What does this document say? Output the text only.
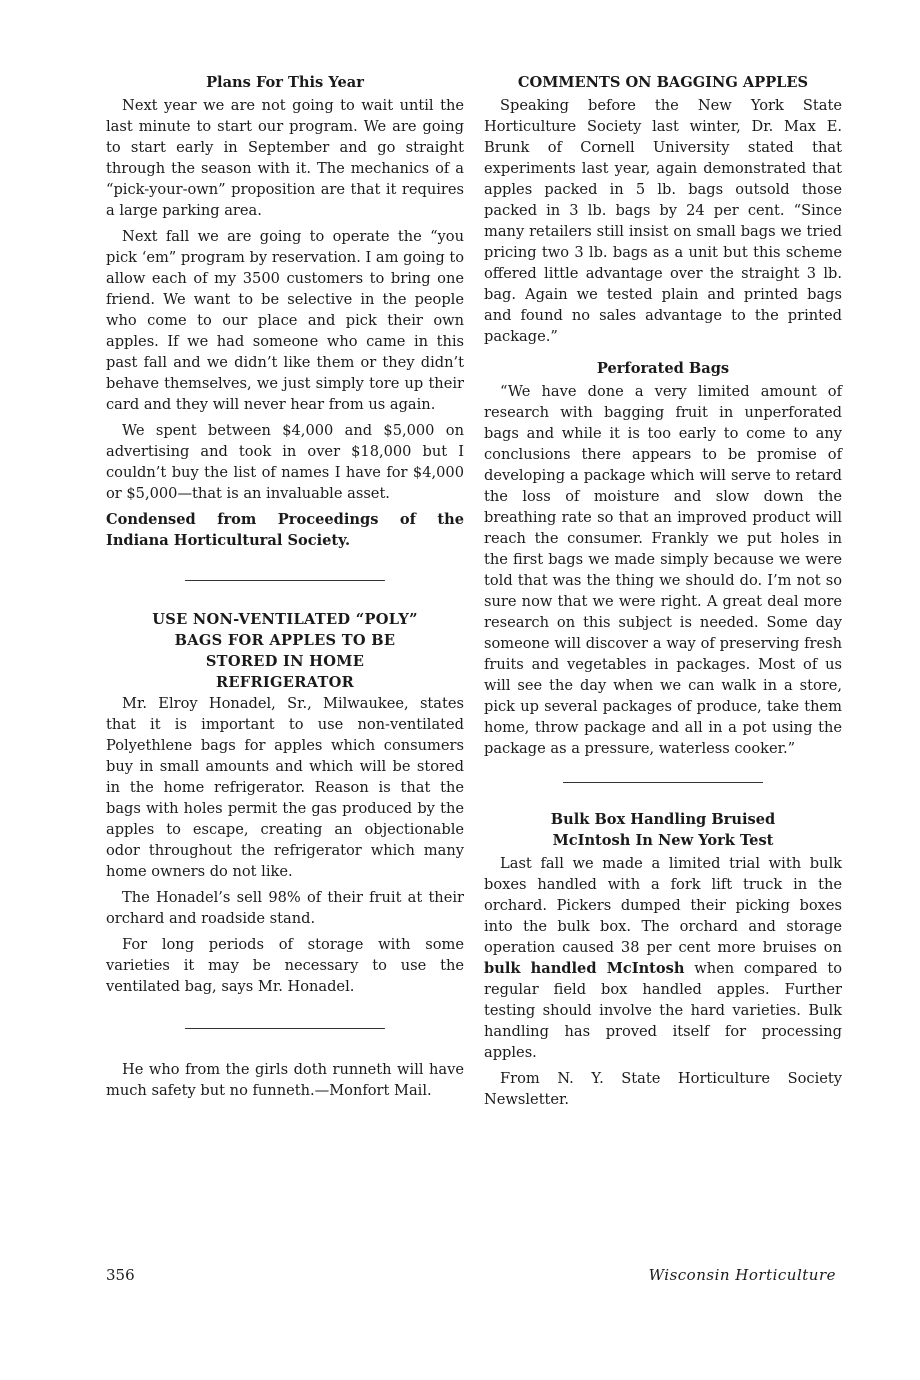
Plans For This Year

Next year we are not going to wait until the last minute to start our program. We are going to start early in September and go straight through the season with it. The mechanics of a “pick-your-own” proposition are that it requires a large parking area.

Next fall we are going to operate the “you pick ‘em” program by reservation. I am going to allow each of my 3500 customers to bring one friend. We want to be selective in the people who come to our place and pick their own apples. If we had someone who came in this past fall and we didn’t like them or they didn’t behave themselves, we just simply tore up their card and they will never hear from us again.

We spent between $4,000 and $5,000 on advertising and took in over $18,000 but I couldn’t buy the list of names I have for $4,000 or $5,000—that is an invaluable asset.

Condensed from Proceedings of the Indiana Horticultural Society.

USE NON-VENTILATED “POLY”
BAGS FOR APPLES TO BE
STORED IN HOME
REFRIGERATOR

Mr. Elroy Honadel, Sr., Milwaukee, states that it is important to use non-ventilated Polyethlene bags for apples which consumers buy in small amounts and which will be stored in the home refrigerator. Reason is that the bags with holes permit the gas produced by the apples to escape, creating an objectionable odor throughout the refrigerator which many home owners do not like.

The Honadel’s sell 98% of their fruit at their orchard and roadside stand.

For long periods of storage with some varieties it may be necessary to use the ventilated bag, says Mr. Honadel.

He who from the girls doth runneth will have much safety but no funneth.—Monfort Mail.

COMMENTS ON BAGGING APPLES

Speaking before the New York State Horticulture Society last winter, Dr. Max E. Brunk of Cornell University stated that experiments last year, again demonstrated that apples packed in 5 lb. bags outsold those packed in 3 lb. bags by 24 per cent. “Since many retailers still insist on small bags we tried pricing two 3 lb. bags as a unit but this scheme offered little advantage over the straight 3 lb. bag. Again we tested plain and printed bags and found no sales advantage to the printed package.”

Perforated Bags

“We have done a very limited amount of research with bagging fruit in unperforated bags and while it is too early to come to any conclusions there appears to be promise of developing a package which will serve to retard the loss of moisture and slow down the breathing rate so that an improved product will reach the consumer. Frankly we put holes in the first bags we made simply because we were told that was the thing we should do. I’m not so sure now that we were right. A great deal more research on this subject is needed. Some day someone will discover a way of preserving fresh fruits and vegetables in packages. Most of us will see the day when we can walk in a store, pick up several packages of produce, take them home, throw package and all in a pot using the package as a pressure, waterless cooker.”

Bulk Box Handling Bruised
McIntosh In New York Test

Last fall we made a limited trial with bulk boxes handled with a fork lift truck in the orchard. Pickers dumped their picking boxes into the bulk box. The orchard and storage operation caused 38 per cent more bruises on bulk handled McIntosh when compared to regular field box handled apples. Further testing should involve the hard varieties. Bulk handling has proved itself for processing apples.

From N. Y. State Horticulture Society Newsletter.

356	Wisconsin Horticulture
